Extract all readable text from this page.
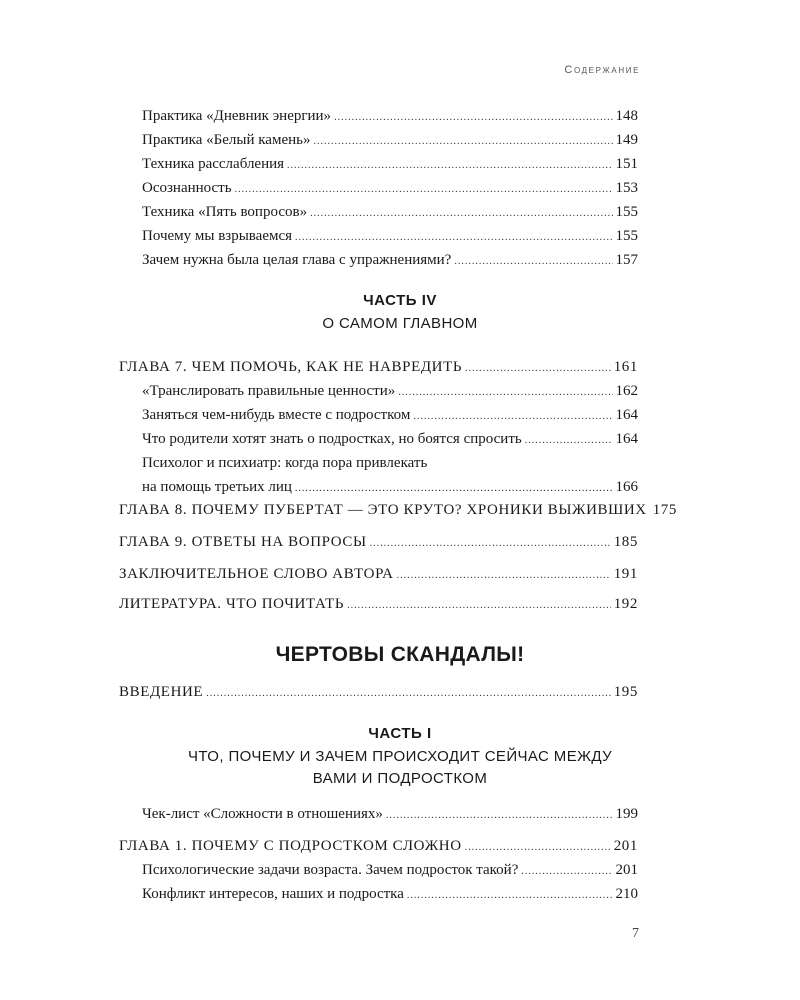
Содержание
Практика «Дневник энергии» .....	148
Практика «Белый камень» .....	149
Техника расслабления .....	151
Осознанность .....	153
Техника «Пять вопросов» .....	155
Почему мы взрываемся .....	155
Зачем нужна была целая глава с упражнениями? .....	157
ЧАСТЬ IV
О САМОМ ГЛАВНОМ
ГЛАВА 7. ЧЕМ ПОМОЧЬ, КАК НЕ НАВРЕДИТЬ .....	161
«Транслировать правильные ценности» .....	162
Заняться чем-нибудь вместе с подростком .....	164
Что родители хотят знать о подростках, но боятся спросить .....	164
Психолог и психиатр: когда пора привлекать
на помощь третьих лиц .....	166
ГЛАВА 8. ПОЧЕМУ ПУБЕРТАТ — ЭТО КРУТО? ХРОНИКИ ВЫЖИВШИХ 175
ГЛАВА 9. ОТВЕТЫ НА ВОПРОСЫ .....	185
ЗАКЛЮЧИТЕЛЬНОЕ СЛОВО АВТОРА .....	191
ЛИТЕРАТУРА. ЧТО ПОЧИТАТЬ .....	192
ЧЕРТОВЫ СКАНДАЛЫ!
ВВЕДЕНИЕ .....	195
ЧАСТЬ I
ЧТО, ПОЧЕМУ И ЗАЧЕМ ПРОИСХОДИТ СЕЙЧАС МЕЖДУ
ВАМИ И ПОДРОСТКОМ
Чек-лист «Сложности в отношениях» .....	199
ГЛАВА 1. ПОЧЕМУ С ПОДРОСТКОМ СЛОЖНО .....	201
Психологические задачи возраста. Зачем подросток такой? .....	201
Конфликт интересов, наших и подростка .....	210
7
